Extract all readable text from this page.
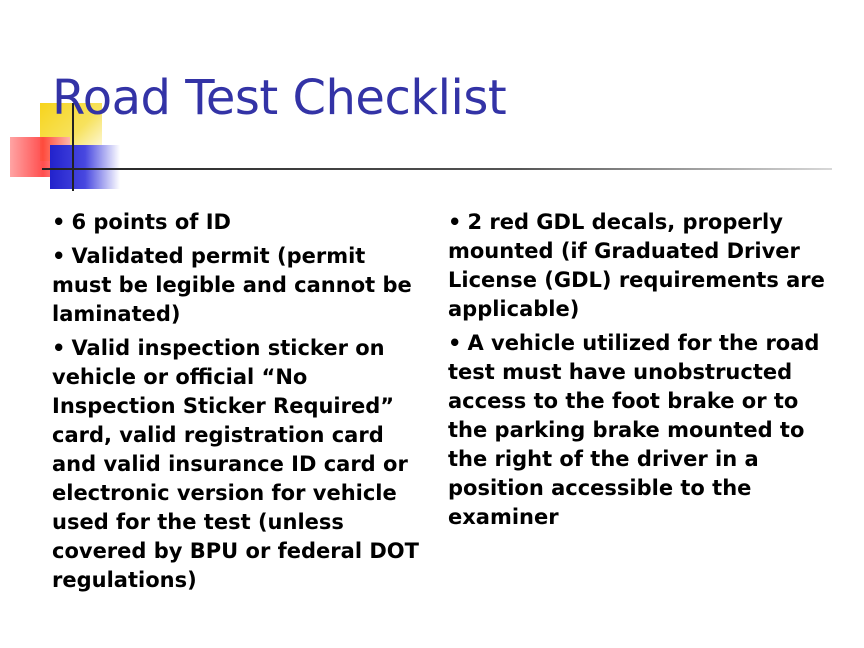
Road Test Checklist
• 6 points of ID
• Validated permit (permit must be legible and cannot be laminated)
• Valid inspection sticker on vehicle or official “No Inspection Sticker Required” card, valid registration card and valid insurance ID card or electronic version for vehicle used for the test (unless covered by BPU or federal DOT regulations)
• 2 red GDL decals, properly mounted (if Graduated Driver License (GDL) requirements are applicable)
• A vehicle utilized for the road test must have unobstructed access to the foot brake or to the parking brake mounted to the right of the driver in a position accessible to the examiner
